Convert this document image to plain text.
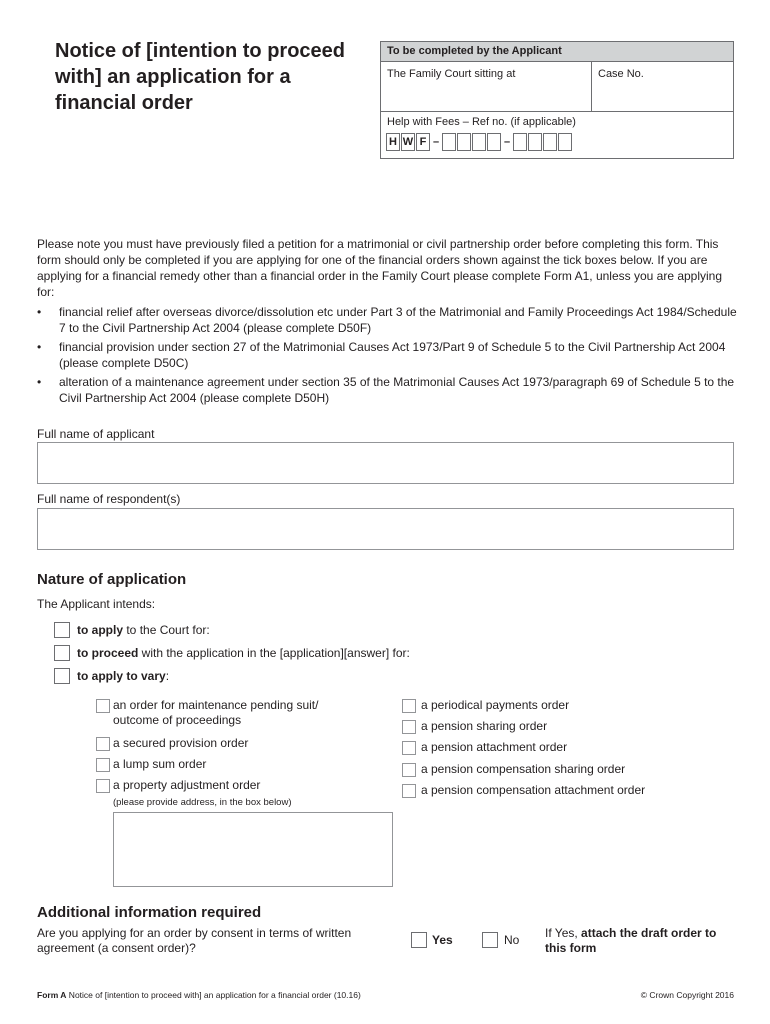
Notice of [intention to proceed with] an application for a financial order
To be completed by the Applicant
The Family Court sitting at	Case No.
Help with Fees – Ref no. (if applicable)
H W F –	–
Please note you must have previously filed a petition for a matrimonial or civil partnership order before completing this form. This form should only be completed if you are applying for one of the financial orders shown against the tick boxes below. If you are applying for a financial remedy other than a financial order in the Family Court please complete Form A1, unless you are applying for:
• financial relief after overseas divorce/dissolution etc under Part 3 of the Matrimonial and Family Proceedings Act 1984/Schedule 7 to the Civil Partnership Act 2004 (please complete D50F)
• financial provision under section 27 of the Matrimonial Causes Act 1973/Part 9 of Schedule 5 to the Civil Partnership Act 2004 (please complete D50C)
• alteration of a maintenance agreement under section 35 of the Matrimonial Causes Act 1973/paragraph 69 of Schedule 5 to the Civil Partnership Act 2004 (please complete D50H)
Full name of applicant
Full name of respondent(s)
Nature of application
The Applicant intends:
to apply to the Court for:
to proceed with the application in the [application][answer] for:
to apply to vary:
an order for maintenance pending suit/
outcome of proceedings
a secured provision order
a lump sum order
a property adjustment order
(please provide address, in the box below)
a periodical payments order
a pension sharing order
a pension attachment order
a pension compensation sharing order
a pension compensation attachment order
Additional information required
Are you applying for an order by consent in terms of written agreement (a consent order)?
Yes	No If Yes, attach the draft order to this form
Form A Notice of [intention to proceed with] an application for a financial order (10.16)	© Crown Copyright 2016
